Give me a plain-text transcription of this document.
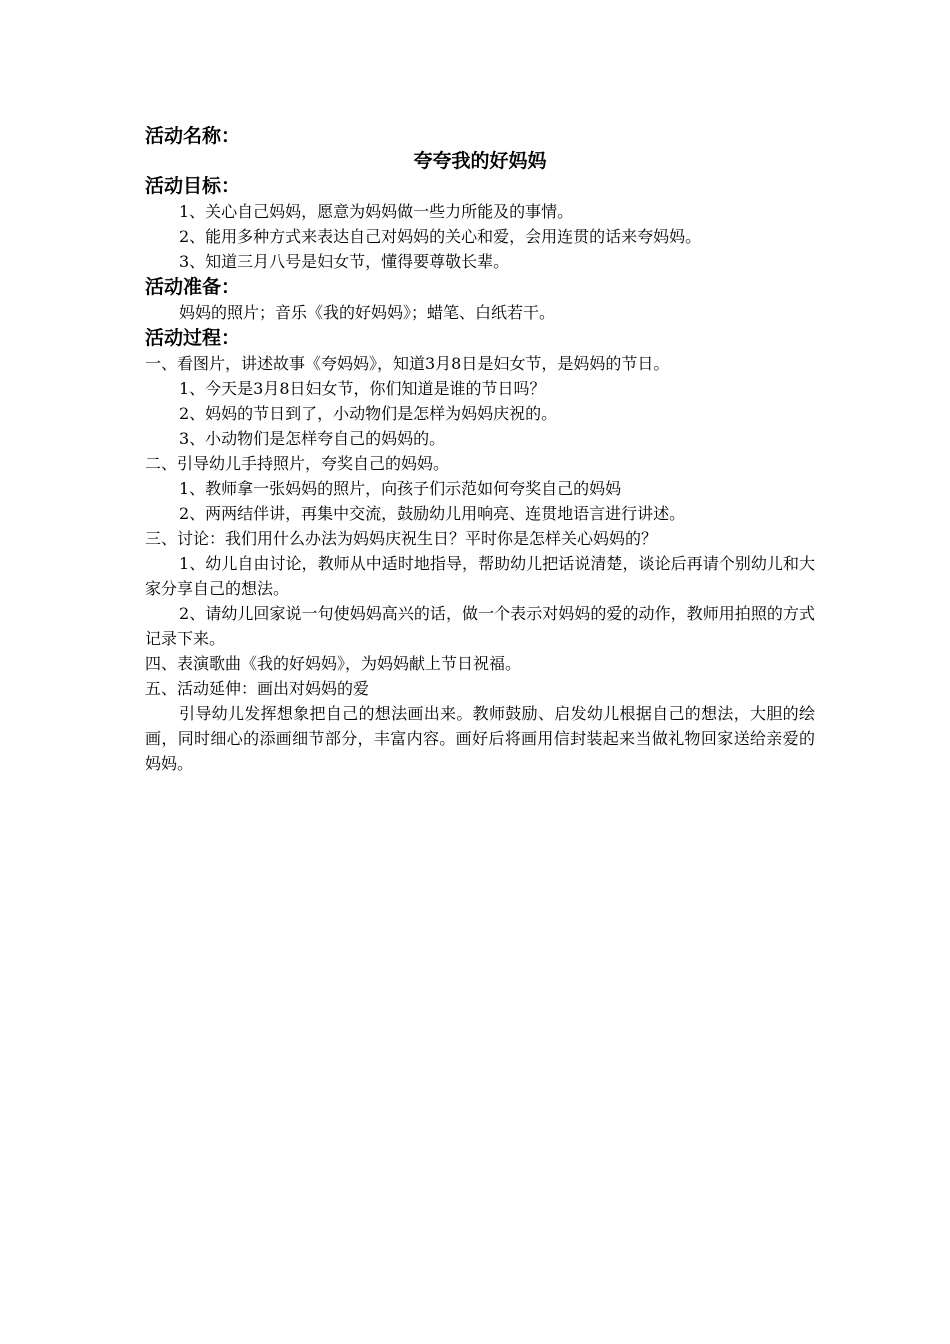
活动名称：
夸夸我的好妈妈
活动目标：
1、关心自己妈妈，愿意为妈妈做一些力所能及的事情。
2、能用多种方式来表达自己对妈妈的关心和爱，会用连贯的话来夸妈妈。
3、知道三月八号是妇女节，懂得要尊敬长辈。
活动准备：
妈妈的照片；音乐《我的好妈妈》；蜡笔、白纸若干。
活动过程：
一、看图片，讲述故事《夸妈妈》，知道3月8日是妇女节，是妈妈的节日。
1、今天是3月8日妇女节，你们知道是谁的节日吗？
2、妈妈的节日到了，小动物们是怎样为妈妈庆祝的。
3、小动物们是怎样夸自己的妈妈的。
二、引导幼儿手持照片，夸奖自己的妈妈。
1、教师拿一张妈妈的照片，向孩子们示范如何夸奖自己的妈妈
2、两两结伴讲，再集中交流，鼓励幼儿用响亮、连贯地语言进行讲述。
三、讨论：我们用什么办法为妈妈庆祝生日？平时你是怎样关心妈妈的？
1、幼儿自由讨论，教师从中适时地指导，帮助幼儿把话说清楚，谈论后再请个别幼儿和大家分享自己的想法。
2、请幼儿回家说一句使妈妈高兴的话，做一个表示对妈妈的爱的动作，教师用拍照的方式记录下来。
四、表演歌曲《我的好妈妈》，为妈妈献上节日祝福。
五、活动延伸：画出对妈妈的爱
引导幼儿发挥想象把自己的想法画出来。教师鼓励、启发幼儿根据自己的想法，大胆的绘画，同时细心的添画细节部分，丰富内容。画好后将画用信封装起来当做礼物回家送给亲爱的妈妈。
